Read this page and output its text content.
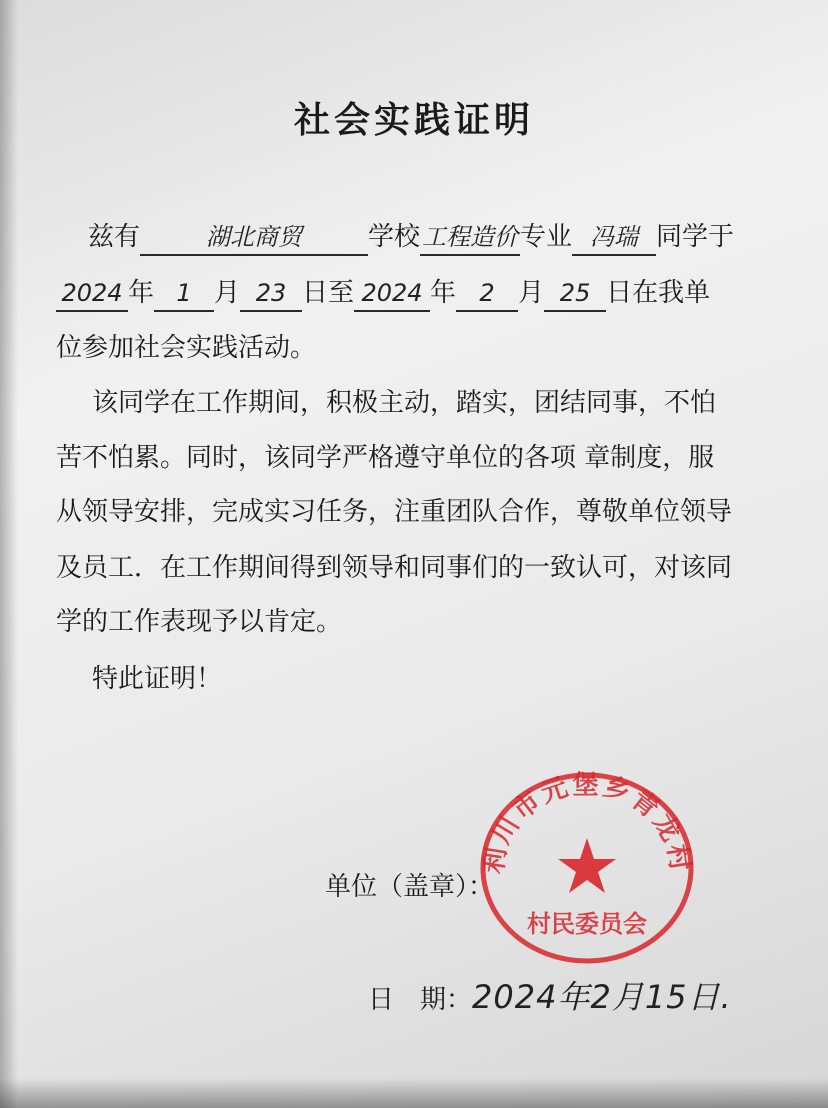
社会实践证明
兹有	湖北商贸	学校工程造价专业 冯瑞 同学于
2024 年 1 月 23 日至 2024 年 2 月 25 日在我单
位参加社会实践活动。
该同学在工作期间，积极主动，踏实，团结同事，不怕
苦不怕累。同时，该同学严格遵守单位的各项 章制度，服
从领导安排，完成实习任务，注重团队合作，尊敬单位领导
及员工．在工作期间得到领导和同事们的一致认可，对该同
学的工作表现予以肯定。
特此证明！
单位（盖章）：
利川市元堡乡青龙村
村民委员会
日　期：2024年2月15日.
